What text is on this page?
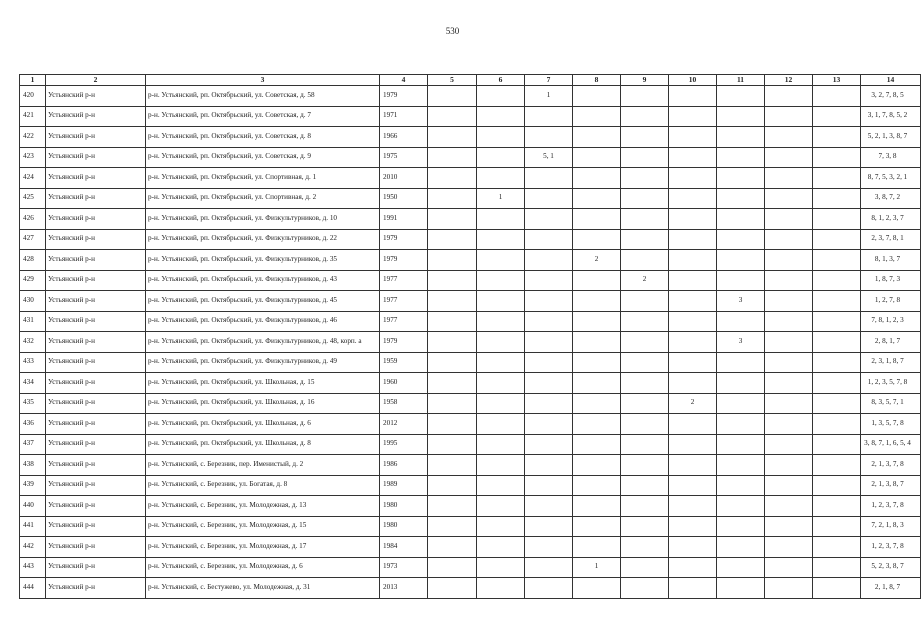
530
1	2	3	4	5	6	7	8	9	10	11	12	13	14
420	Устьянский р-н	р-н. Устьянский, рп. Октябрьский, ул. Советская, д. 58	1979			1							3, 2, 7, 8, 5
421	Устьянский р-н	р-н. Устьянский, рп. Октябрьский, ул. Советская, д. 7	1971										3, 1, 7, 8, 5, 2
422	Устьянский р-н	р-н. Устьянский, рп. Октябрьский, ул. Советская, д. 8	1966										5, 2, 1, 3, 8, 7
423	Устьянский р-н	р-н. Устьянский, рп. Октябрьский, ул. Советская, д. 9	1975			5, 1							7, 3, 8
424	Устьянский р-н	р-н. Устьянский, рп. Октябрьский, ул. Спортивная, д. 1	2010										8, 7, 5, 3, 2, 1
425	Устьянский р-н	р-н. Устьянский, рп. Октябрьский, ул. Спортивная, д. 2	1950		1								3, 8, 7, 2
426	Устьянский р-н	р-н. Устьянский, рп. Октябрьский, ул. Физкультурников, д. 10	1991										8, 1, 2, 3, 7
427	Устьянский р-н	р-н. Устьянский, рп. Октябрьский, ул. Физкультурников, д. 22	1979										2, 3, 7, 8, 1
428	Устьянский р-н	р-н. Устьянский, рп. Октябрьский, ул. Физкультурников, д. 35	1979				2						8, 1, 3, 7
429	Устьянский р-н	р-н. Устьянский, рп. Октябрьский, ул. Физкультурников, д. 43	1977					2					1, 8, 7, 3
430	Устьянский р-н	р-н. Устьянский, рп. Октябрьский, ул. Физкультурников, д. 45	1977							3			1, 2, 7, 8
431	Устьянский р-н	р-н. Устьянский, рп. Октябрьский, ул. Физкультурников, д. 46	1977										7, 8, 1, 2, 3
432	Устьянский р-н	р-н. Устьянский, рп. Октябрьский, ул. Физкультурников, д. 48, корп. а	1979							3			2, 8, 1, 7
433	Устьянский р-н	р-н. Устьянский, рп. Октябрьский, ул. Физкультурников, д. 49	1959										2, 3, 1, 8, 7
434	Устьянский р-н	р-н. Устьянский, рп. Октябрьский, ул. Школьная, д. 15	1960										1, 2, 3, 5, 7, 8
435	Устьянский р-н	р-н. Устьянский, рп. Октябрьский, ул. Школьная, д. 16	1958						2				8, 3, 5, 7, 1
436	Устьянский р-н	р-н. Устьянский, рп. Октябрьский, ул. Школьная, д. 6	2012										1, 3, 5, 7, 8
437	Устьянский р-н	р-н. Устьянский, рп. Октябрьский, ул. Школьная, д. 8	1995										3, 8, 7, 1, 6, 5, 4
438	Устьянский р-н	р-н. Устьянский, с. Березник, пер. Именистый, д. 2	1986										2, 1, 3, 7, 8
439	Устьянский р-н	р-н. Устьянский, с. Березник, ул. Богатая, д. 8	1989										2, 1, 3, 8, 7
440	Устьянский р-н	р-н. Устьянский, с. Березник, ул. Молодежная, д. 13	1980										1, 2, 3, 7, 8
441	Устьянский р-н	р-н. Устьянский, с. Березник, ул. Молодежная, д. 15	1980										7, 2, 1, 8, 3
442	Устьянский р-н	р-н. Устьянский, с. Березник, ул. Молодежная, д. 17	1984										1, 2, 3, 7, 8
443	Устьянский р-н	р-н. Устьянский, с. Березник, ул. Молодежная, д. 6	1973				1						5, 2, 3, 8, 7
444	Устьянский р-н	р-н. Устьянский, с. Бестужево, ул. Молодежная, д. 31	2013										2, 1, 8, 7
